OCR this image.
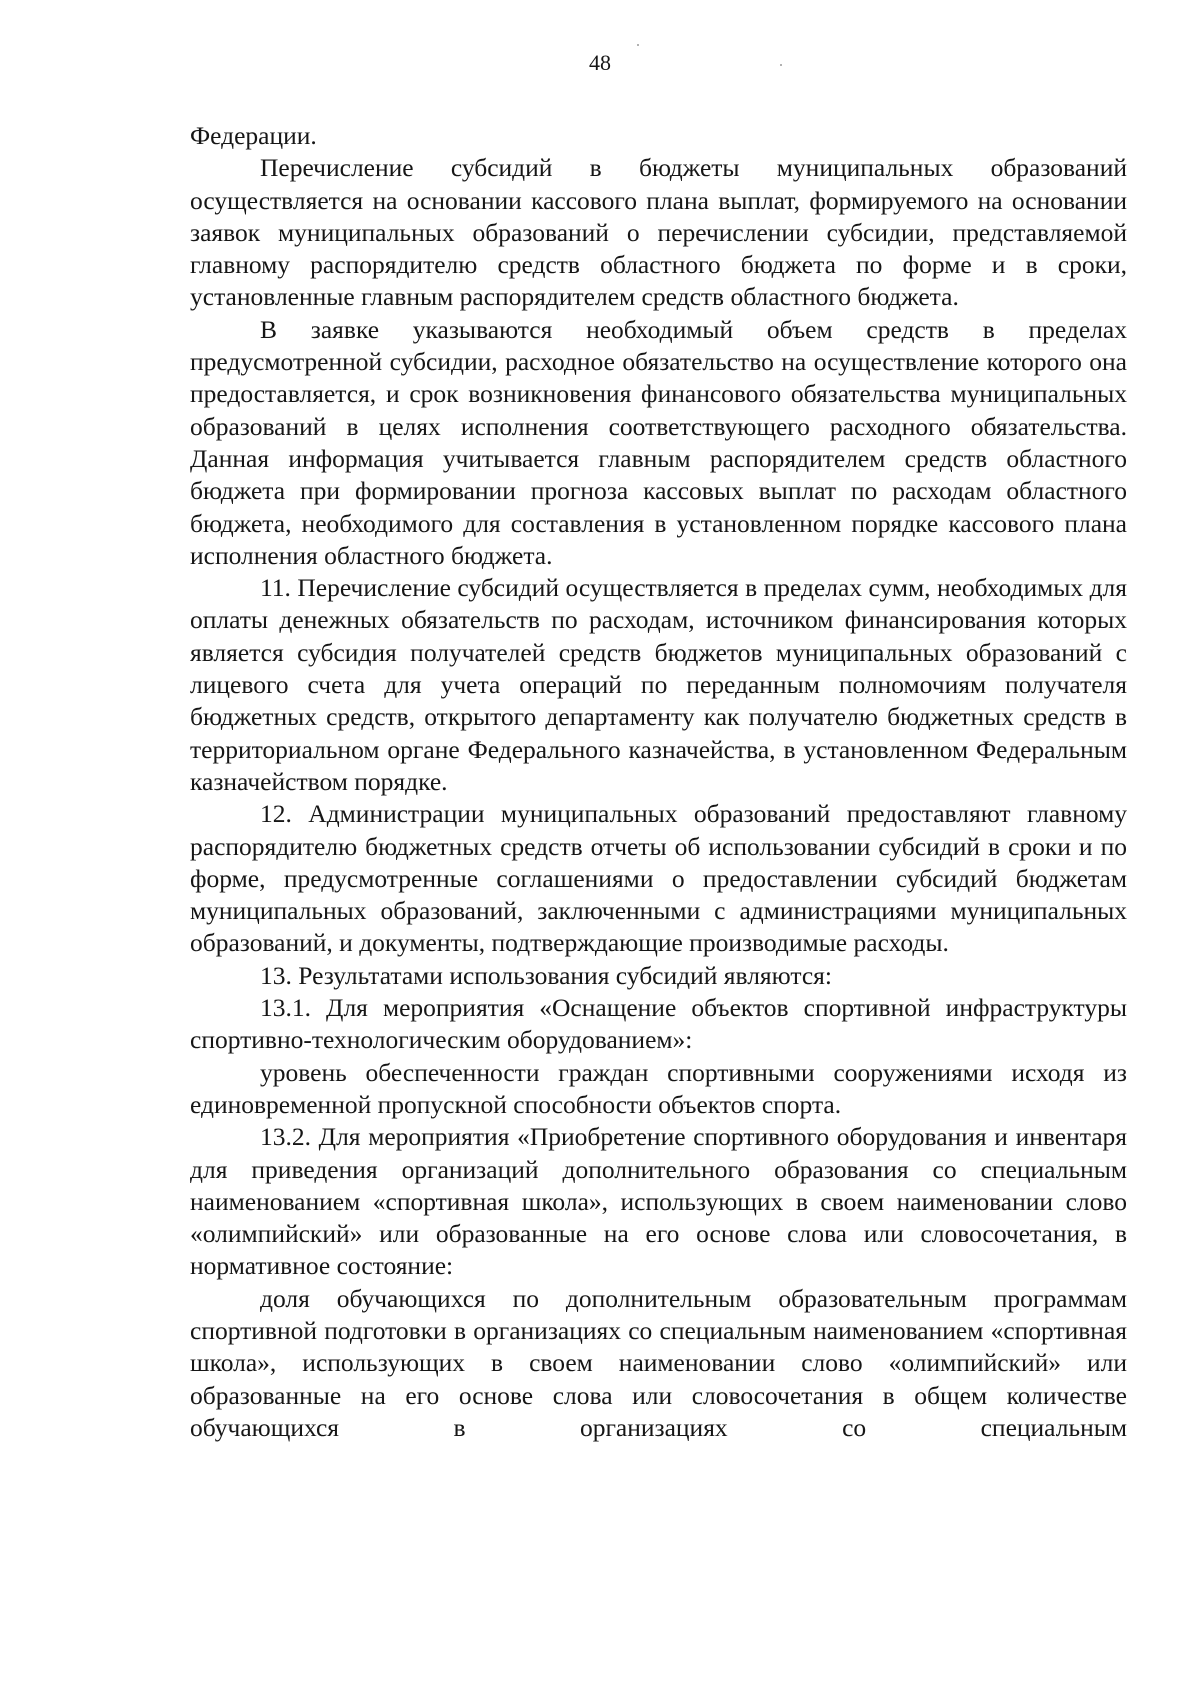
48

Федерации.

Перечисление субсидий в бюджеты муниципальных образований осуществляется на основании кассового плана выплат, формируемого на основании заявок муниципальных образований о перечислении субсидии, представляемой главному распорядителю средств областного бюджета по форме и в сроки, установленные главным распорядителем средств областного бюджета.

В заявке указываются необходимый объем средств в пределах предусмотренной субсидии, расходное обязательство на осуществление которого она предоставляется, и срок возникновения финансового обязательства муниципальных образований в целях исполнения соответствующего расходного обязательства. Данная информация учитывается главным распорядителем средств областного бюджета при формировании прогноза кассовых выплат по расходам областного бюджета, необходимого для составления в установленном порядке кассового плана исполнения областного бюджета.

11. Перечисление субсидий осуществляется в пределах сумм, необходимых для оплаты денежных обязательств по расходам, источником финансирования которых является субсидия получателей средств бюджетов муниципальных образований с лицевого счета для учета операций по переданным полномочиям получателя бюджетных средств, открытого департаменту как получателю бюджетных средств в территориальном органе Федерального казначейства, в установленном Федеральным казначейством порядке.

12. Администрации муниципальных образований предоставляют главному распорядителю бюджетных средств отчеты об использовании субсидий в сроки и по форме, предусмотренные соглашениями о предоставлении субсидий бюджетам муниципальных образований, заключенными с администрациями муниципальных образований, и документы, подтверждающие производимые расходы.

13. Результатами использования субсидий являются:

13.1. Для мероприятия «Оснащение объектов спортивной инфраструктуры спортивно-технологическим оборудованием»:

уровень обеспеченности граждан спортивными сооружениями исходя из единовременной пропускной способности объектов спорта.

13.2. Для мероприятия «Приобретение спортивного оборудования и инвентаря для приведения организаций дополнительного образования со специальным наименованием «спортивная школа», использующих в своем наименовании слово «олимпийский» или образованные на его основе слова или словосочетания, в нормативное состояние:

доля обучающихся по дополнительным образовательным программам спортивной подготовки в организациях со специальным наименованием «спортивная школа», использующих в своем наименовании слово «олимпийский» или образованные на его основе слова или словосочетания в общем количестве обучающихся в организациях со специальным
